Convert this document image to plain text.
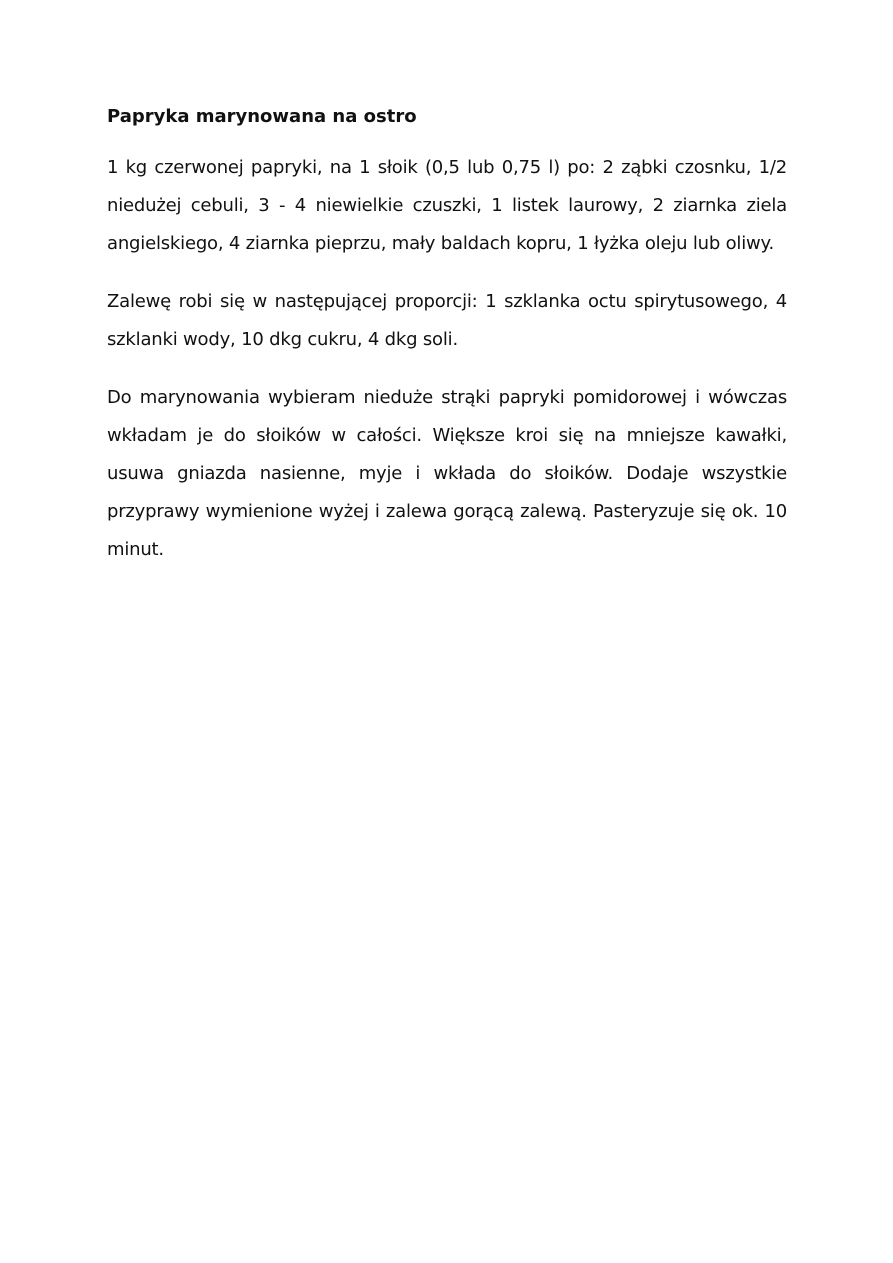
Papryka marynowana na ostro

1 kg czerwonej papryki, na 1 słoik (0,5 lub 0,75 l) po: 2 ząbki czosnku, 1/2 niedużej cebuli, 3 - 4 niewielkie czuszki, 1 listek laurowy, 2 ziarnka ziela angielskiego, 4 ziarnka pieprzu, mały baldach kopru, 1 łyżka oleju lub oliwy.

Zalewę robi się w następującej proporcji: 1 szklanka octu spirytusowego, 4 szklanki wody, 10 dkg cukru, 4 dkg soli.

Do marynowania wybieram nieduże strąki papryki pomidorowej i wówczas wkładam je do słoików w całości. Większe kroi się na mniejsze kawałki, usuwa gniazda nasienne, myje i wkłada do słoików. Dodaje wszystkie przyprawy wymienione wyżej i zalewa gorącą zalewą. Pasteryzuje się ok. 10 minut.
